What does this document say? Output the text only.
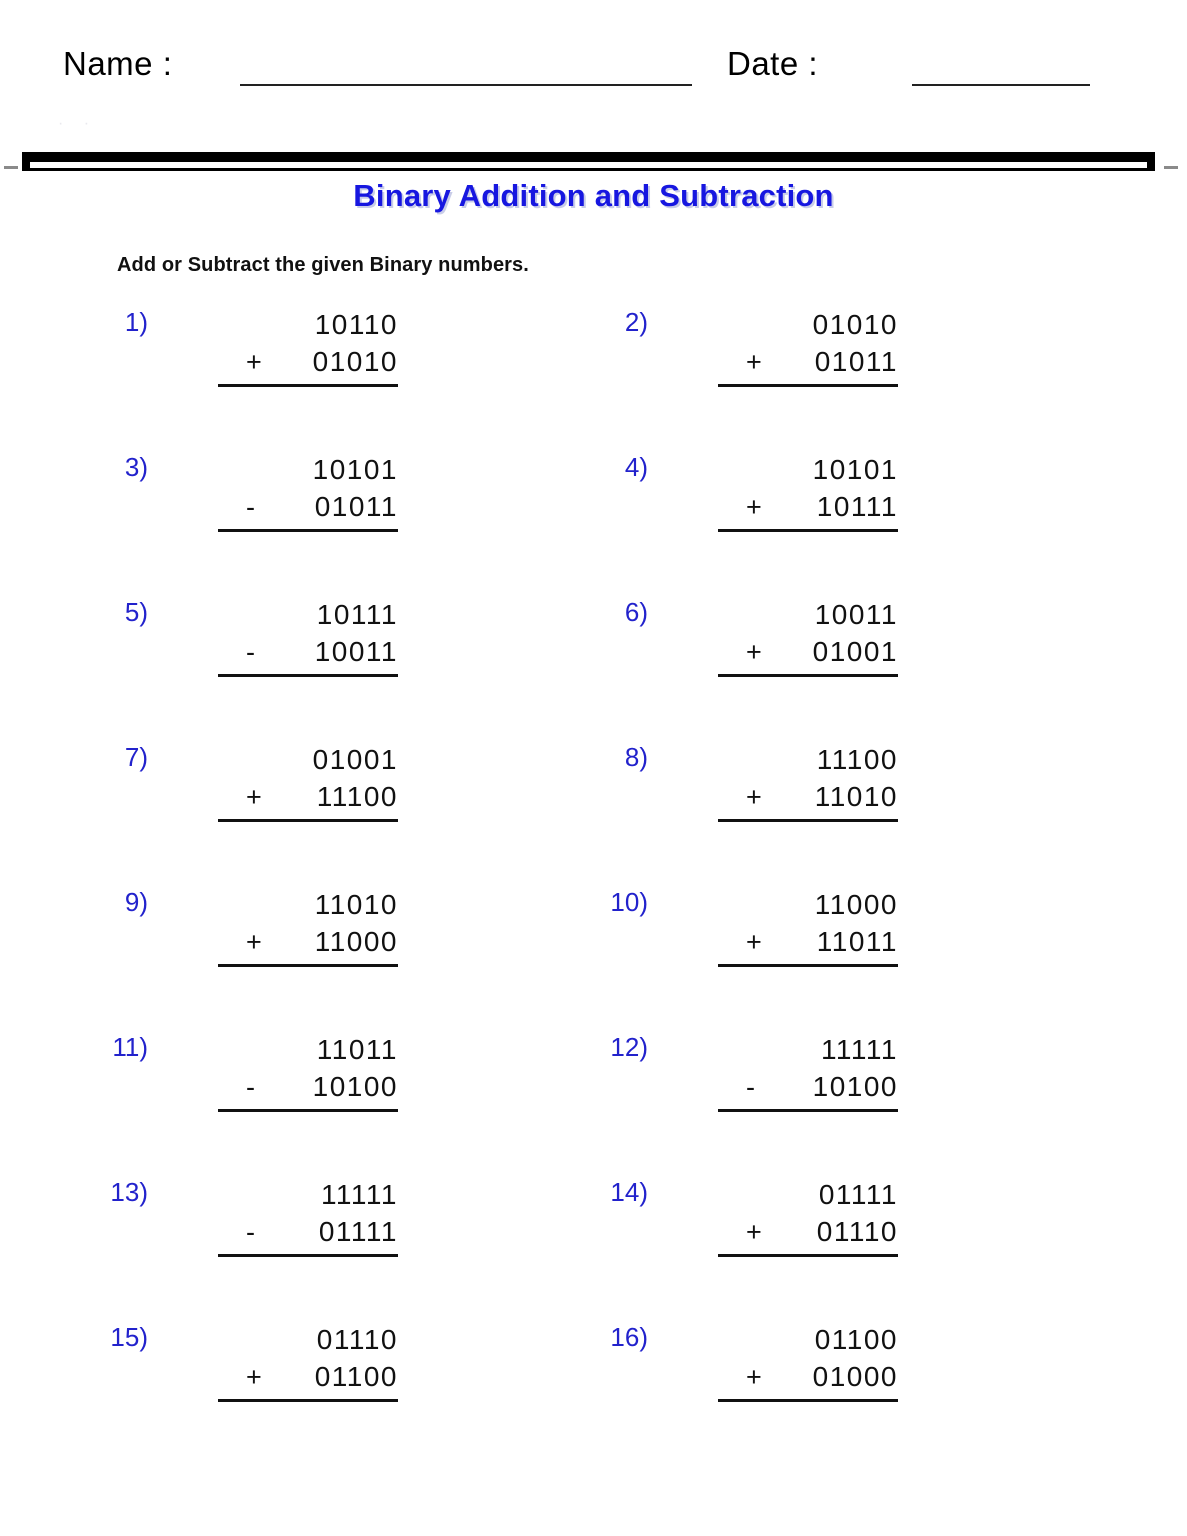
Name :	Date :
· ·
Binary Addition and Subtraction
Add or Subtract the given Binary numbers.
1)	10110
+	01010
2)	01010
+	01011
3)	10101
-	01011
4)	10101
+	10111
5)	10111
-	10011
6)	10011
+	01001
7)	01001
+	11100
8)	11100
+	11010
9)	11010
+	11000
10)	11000
+	11011
11)	11011
-	10100
12)	11111
-	10100
13)	11111
-	01111
14)	01111
+	01110
15)	01110
+	01100
16)	01100
+	01000
